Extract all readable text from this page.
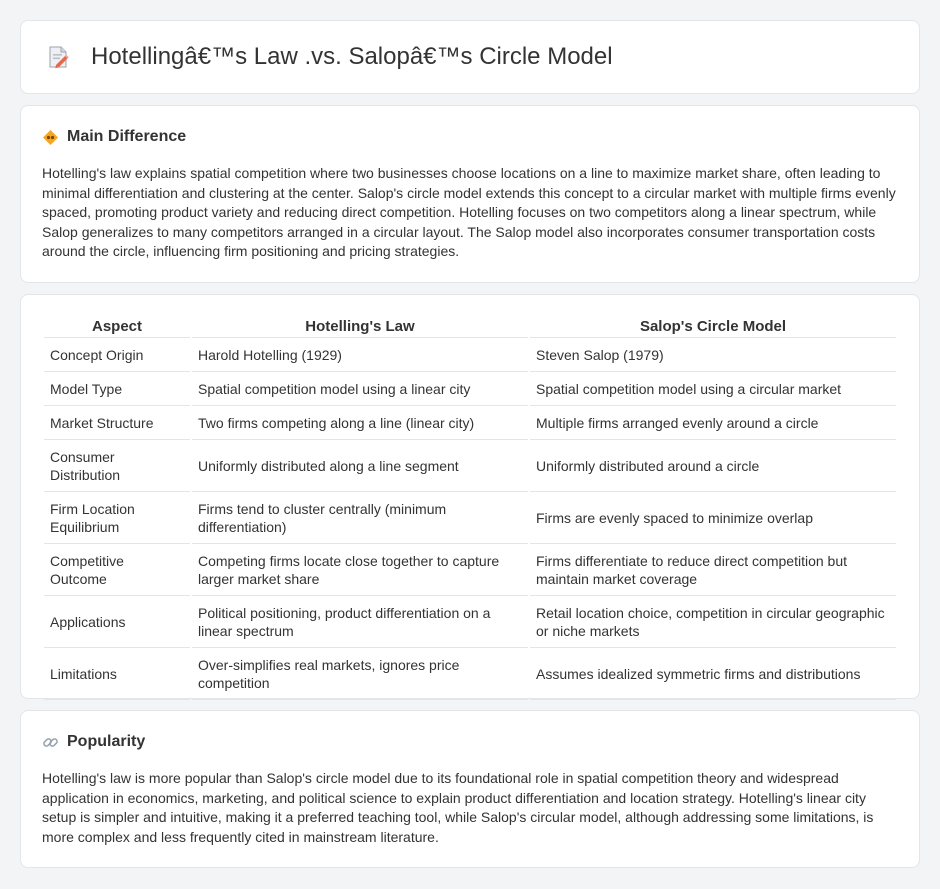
Hotellingâ€™s Law .vs. Salopâ€™s Circle Model
Main Difference

Hotelling's law explains spatial competition where two businesses choose locations on a line to maximize market share, often leading to minimal differentiation and clustering at the center. Salop's circle model extends this concept to a circular market with multiple firms evenly spaced, promoting product variety and reducing direct competition. Hotelling focuses on two competitors along a linear spectrum, while Salop generalizes to many competitors arranged in a circular layout. The Salop model also incorporates consumer transportation costs around the circle, influencing firm positioning and pricing strategies.

Aspect	Hotelling's Law	Salop's Circle Model
Concept Origin	Harold Hotelling (1929)	Steven Salop (1979)
Model Type	Spatial competition model using a linear city	Spatial competition model using a circular market
Market Structure	Two firms competing along a line (linear city)	Multiple firms arranged evenly around a circle
Consumer Distribution	Uniformly distributed along a line segment	Uniformly distributed around a circle
Firm Location Equilibrium	Firms tend to cluster centrally (minimum differentiation)	Firms are evenly spaced to minimize overlap
Competitive Outcome	Competing firms locate close together to capture larger market share	Firms differentiate to reduce direct competition but maintain market coverage
Applications	Political positioning, product differentiation on a linear spectrum	Retail location choice, competition in circular geographic or niche markets
Limitations	Over-simplifies real markets, ignores price competition	Assumes idealized symmetric firms and distributions
Popularity

Hotelling's law is more popular than Salop's circle model due to its foundational role in spatial competition theory and widespread application in economics, marketing, and political science to explain product differentiation and location strategy. Hotelling's linear city setup is simpler and intuitive, making it a preferred teaching tool, while Salop's circular model, although addressing some limitations, is more complex and less frequently cited in mainstream literature.
